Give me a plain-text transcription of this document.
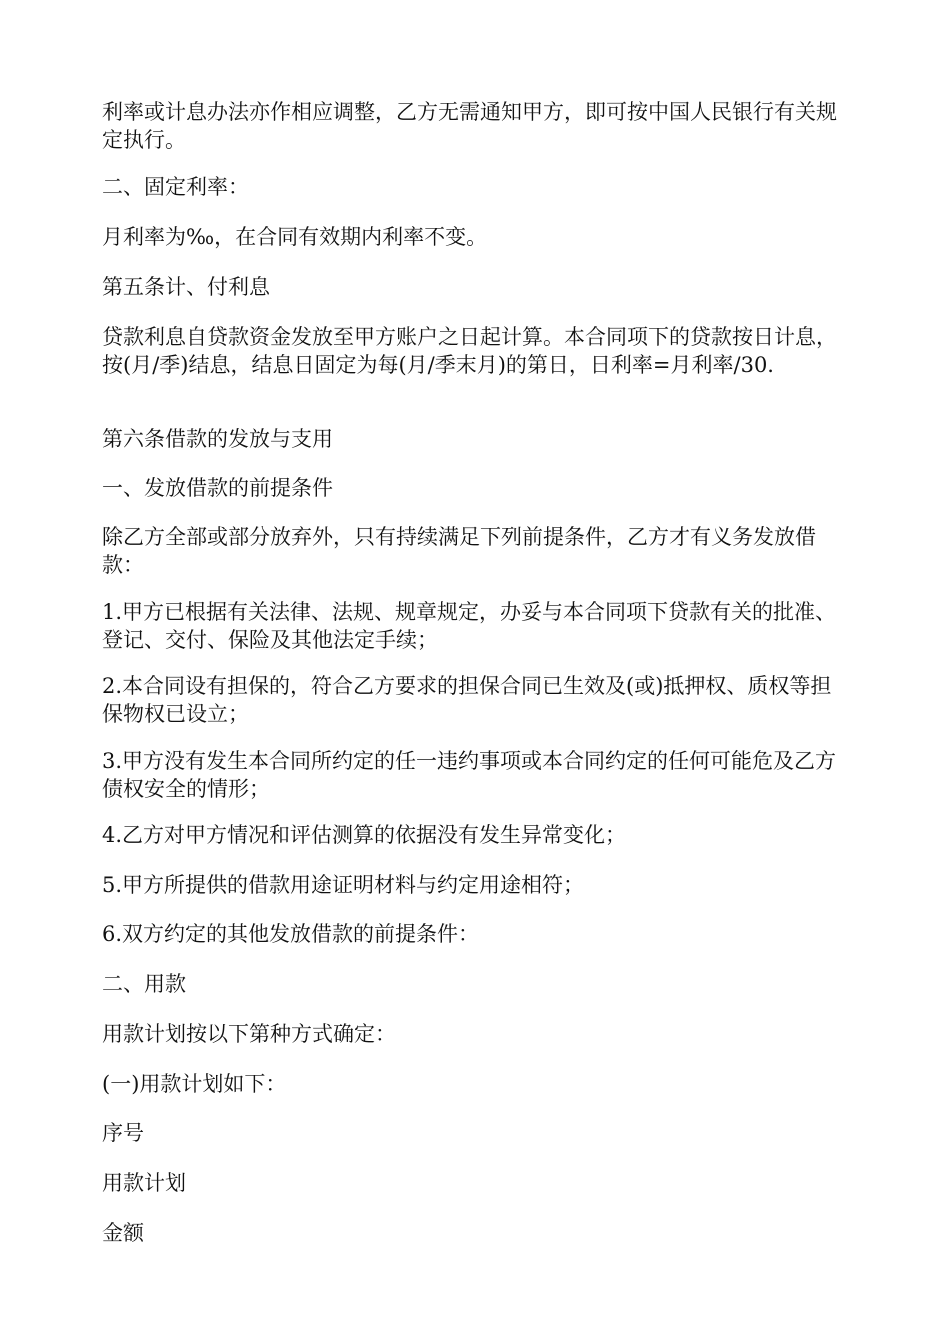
利率或计息办法亦作相应调整，乙方无需通知甲方，即可按中国人民银行有关规定执行。

二、固定利率：

月利率为‰，在合同有效期内利率不变。

第五条计、付利息

贷款利息自贷款资金发放至甲方账户之日起计算。本合同项下的贷款按日计息，按(月/季)结息，结息日固定为每(月/季末月)的第日，日利率=月利率/30.

第六条借款的发放与支用

一、发放借款的前提条件

除乙方全部或部分放弃外，只有持续满足下列前提条件，乙方才有义务发放借款：

1.甲方已根据有关法律、法规、规章规定，办妥与本合同项下贷款有关的批准、登记、交付、保险及其他法定手续；

2.本合同设有担保的，符合乙方要求的担保合同已生效及(或)抵押权、质权等担保物权已设立；

3.甲方没有发生本合同所约定的任一违约事项或本合同约定的任何可能危及乙方债权安全的情形；

4.乙方对甲方情况和评估测算的依据没有发生异常变化；

5.甲方所提供的借款用途证明材料与约定用途相符；

6.双方约定的其他发放借款的前提条件：

二、用款

用款计划按以下第种方式确定：

(一)用款计划如下：

序号

用款计划

金额
